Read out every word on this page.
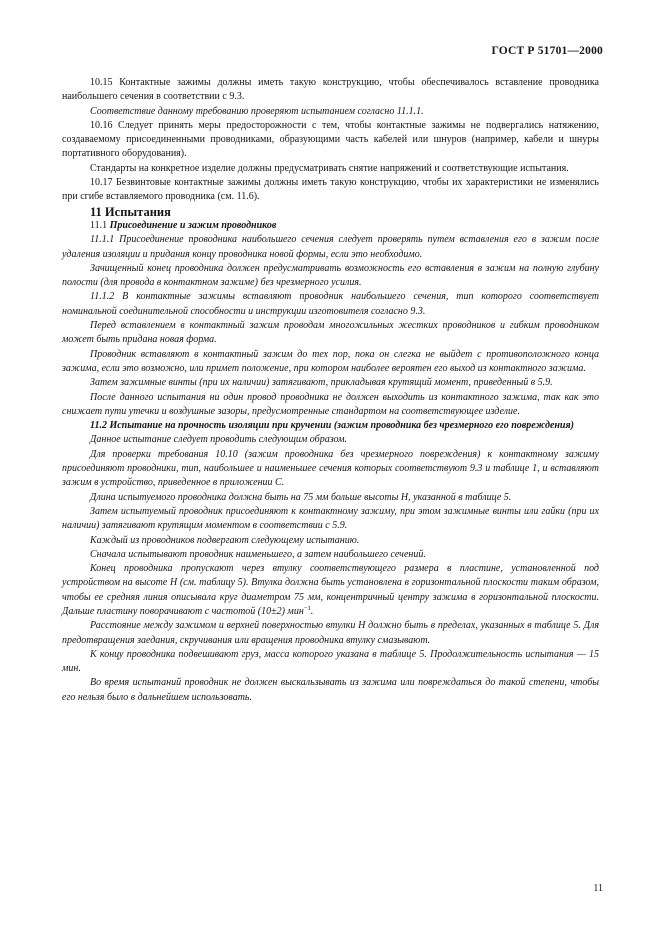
ГОСТ Р 51701—2000

10.15 Контактные зажимы должны иметь такую конструкцию, чтобы обеспечивалось вставление проводника наибольшего сечения в соответствии с 9.3.

Соответствие данному требованию проверяют испытанием согласно 11.1.1.

10.16 Следует принять меры предосторожности с тем, чтобы контактные зажимы не подвергались натяжению, создаваемому присоединенными проводниками, образующими часть кабелей или шнуров (например, кабели и шнуры портативного оборудования).

Стандарты на конкретное изделие должны предусматривать снятие напряжений и соответствующие испытания.

10.17 Безвинтовые контактные зажимы должны иметь такую конструкцию, чтобы их характеристики не изменялись при сгибе вставляемого проводника (см. 11.6).

11 Испытания

11.1 Присоединение и зажим проводников

11.1.1 Присоединение проводника наибольшего сечения следует проверять путем вставления его в зажим после удаления изоляции и придания концу проводника новой формы, если это необходимо.

Зачищенный конец проводника должен предусматривать возможность его вставления в зажим на полную глубину полости (для провода в контактном зажиме) без чрезмерного усилия.

11.1.2 В контактные зажимы вставляют проводник наибольшего сечения, тип которого соответствует номинальной соединительной способности и инструкции изготовителя согласно 9.3.

Перед вставлением в контактный зажим проводам многожильных жестких проводников и гибким проводником может быть придана новая форма.

Проводник вставляют в контактный зажим до тех пор, пока он слегка не выйдет с противоположного конца зажима, если это возможно, или примет положение, при котором наиболее вероятен его выход из контактного зажима.

Затем зажимные винты (при их наличии) затягивают, прикладывая крутящий момент, приведенный в 5.9.

После данного испытания ни один провод проводника не должен выходить из контактного зажима, так как это снижает пути утечки и воздушные зазоры, предусмотренные стандартом на соответствующее изделие.

11.2 Испытание на прочность изоляции при кручении (зажим проводника без чрезмерного его повреждения)

Данное испытание следует проводить следующим образом.

Для проверки требования 10.10 (зажим проводника без чрезмерного повреждения) к контактному зажиму присоединяют проводники, тип, наибольшее и наименьшее сечения которых соответствуют 9.3 и таблице 1, и вставляют зажим в устройство, приведенное в приложении С.

Длина испытуемого проводника должна быть на 75 мм больше высоты H, указанной в таблице 5.

Затем испытуемый проводник присоединяют к контактному зажиму, при этом зажимные винты или гайки (при их наличии) затягивают крутящим моментом в соответствии с 5.9.

Каждый из проводников подвергают следующему испытанию.

Сначала испытывают проводник наименьшего, а затем наибольшего сечений.

Конец проводника пропускают через втулку соответствующего размера в пластине, установленной под устройством на высоте H (см. таблицу 5). Втулка должна быть установлена в горизонтальной плоскости таким образом, чтобы ее средняя линия описывала круг диаметром 75 мм, концентричный центру зажима в горизонтальной плоскости. Дальше пластину поворачивают с частотой (10±2) мин$^{-1}$.

Расстояние между зажимом и верхней поверхностью втулки H должно быть в пределах, указанных в таблице 5. Для предотвращения заедания, скручивания или вращения проводника втулку смазывают.

К концу проводника подвешивают груз, масса которого указана в таблице 5. Продолжительность испытания — 15 мин.

Во время испытаний проводник не должен выскальзывать из зажима или повреждаться до такой степени, чтобы его нельзя было в дальнейшем использовать.

11
